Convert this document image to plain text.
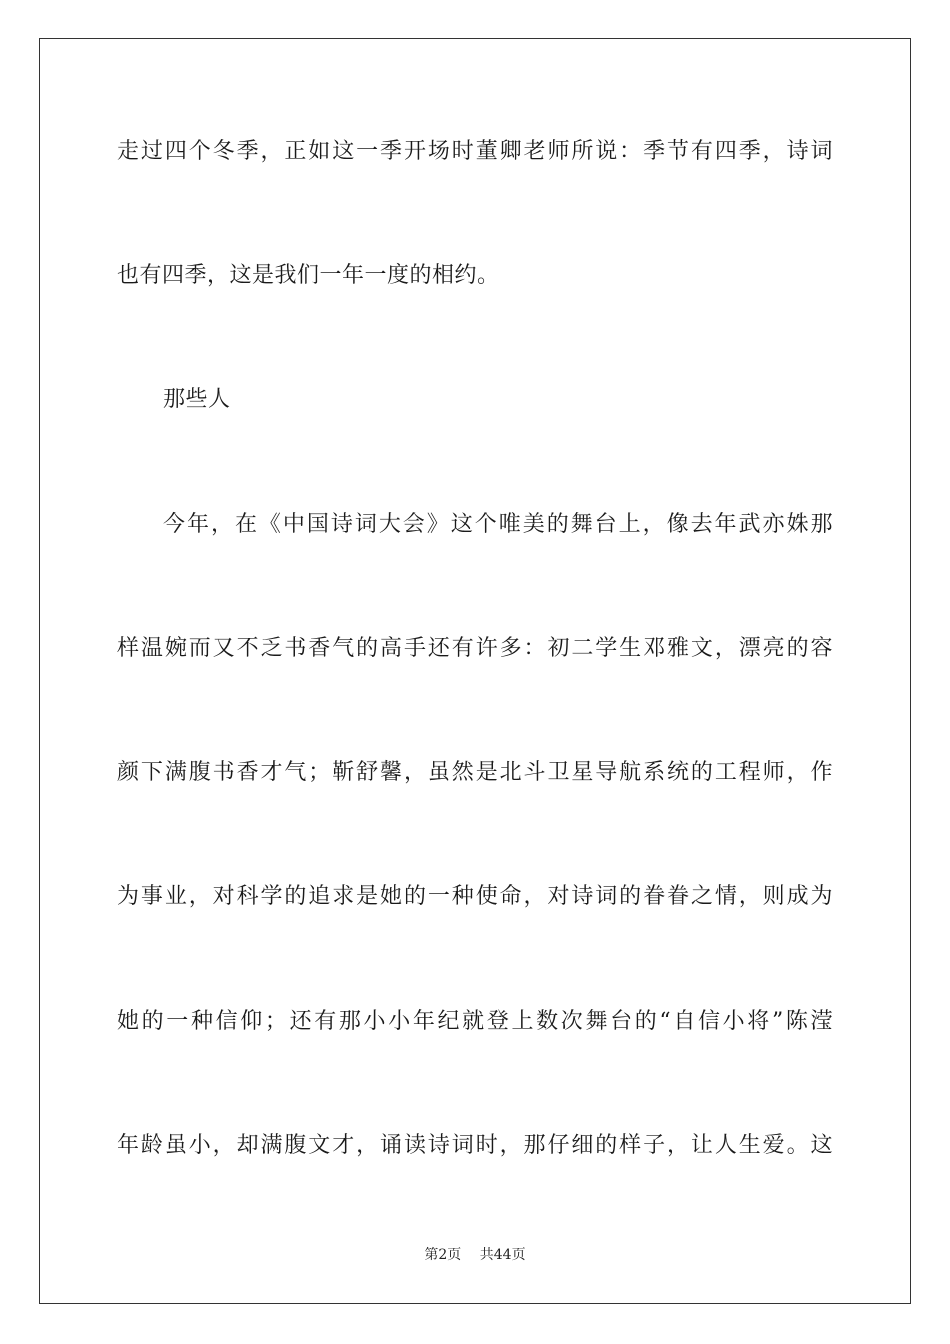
走过四个冬季，正如这一季开场时董卿老师所说：季节有四季，诗词
也有四季，这是我们一年一度的相约。
那些人
今年，在《中国诗词大会》这个唯美的舞台上，像去年武亦姝那
样温婉而又不乏书香气的高手还有许多：初二学生邓雅文，漂亮的容
颜下满腹书香才气；靳舒馨，虽然是北斗卫星导航系统的工程师，作
为事业，对科学的追求是她的一种使命，对诗词的眷眷之情，则成为
她的一种信仰；还有那小小年纪就登上数次舞台的“自信小将”陈滢
年龄虽小，却满腹文才，诵读诗词时，那仔细的样子，让人生爱。这
第2页 共44页
